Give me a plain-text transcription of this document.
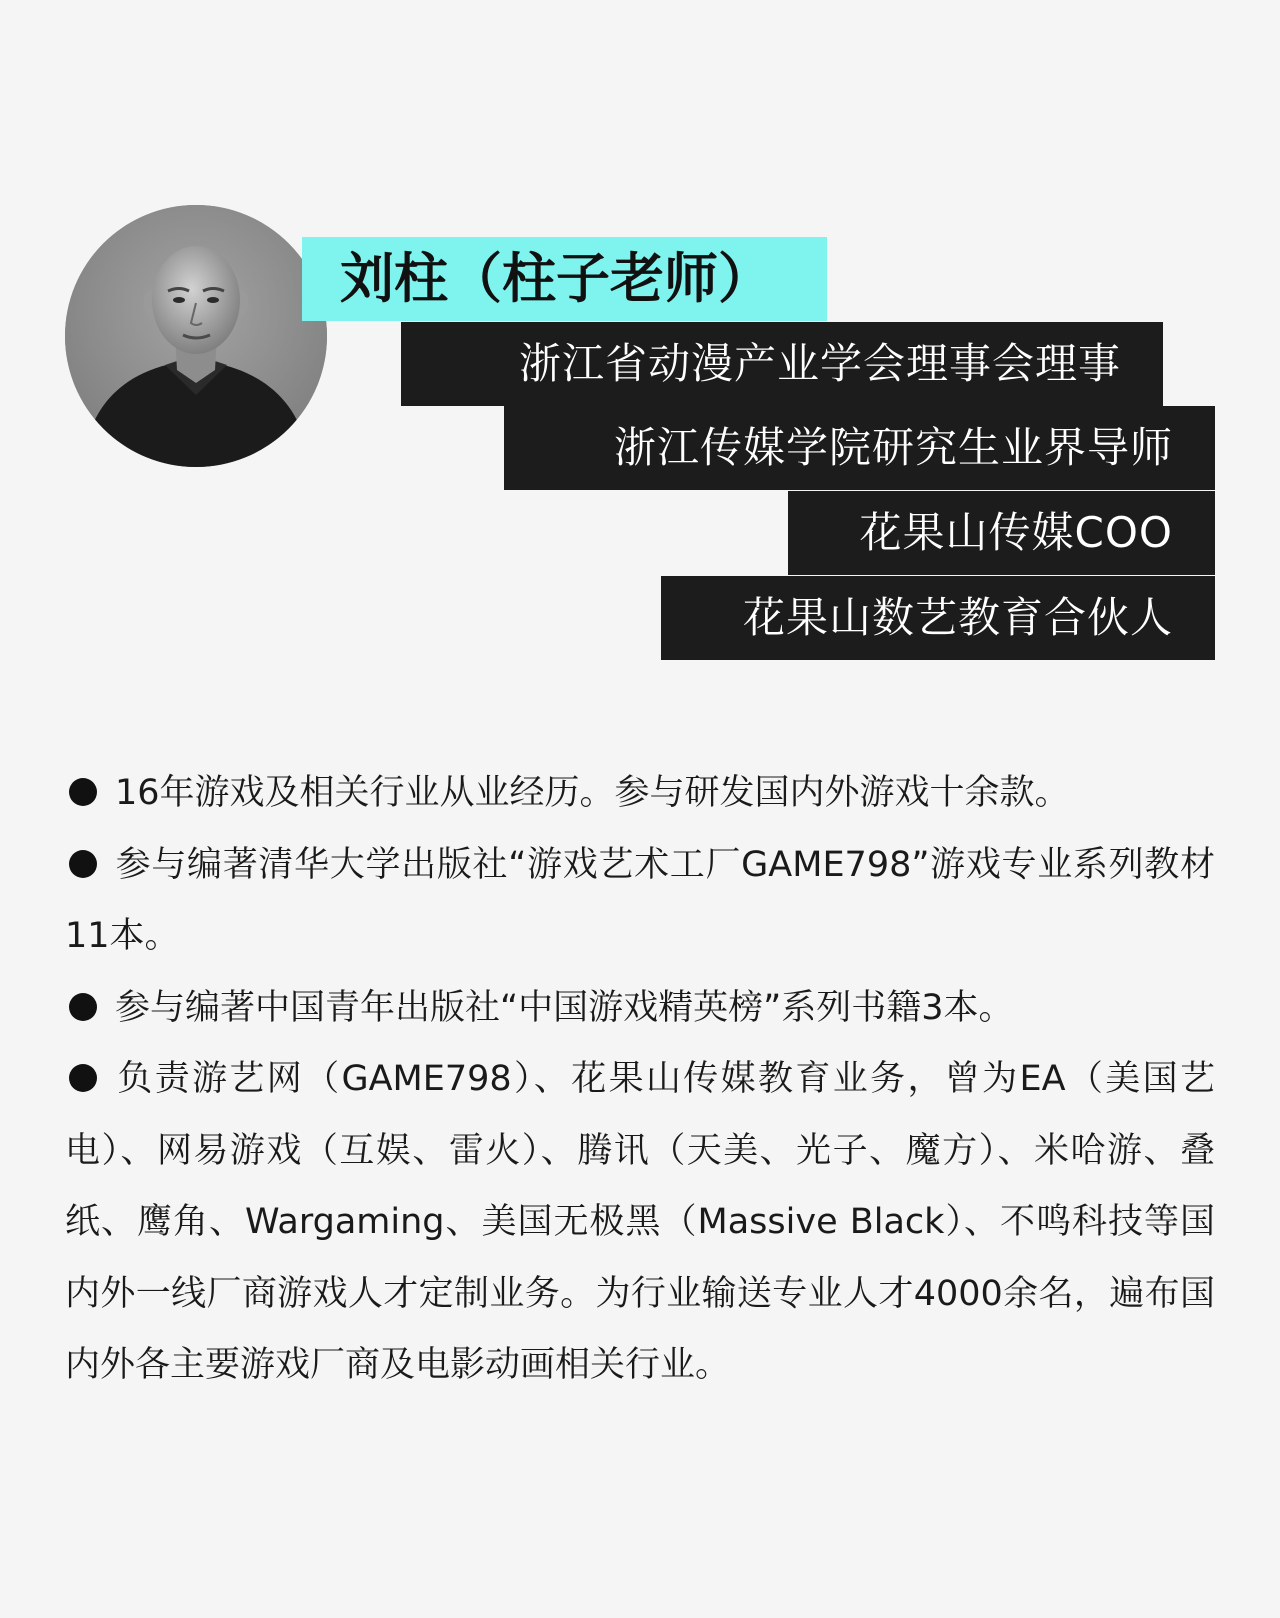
刘柱（柱子老师）
浙江省动漫产业学会理事会理事
浙江传媒学院研究生业界导师
花果山传媒COO
花果山数艺教育合伙人
16年游戏及相关行业从业经历。参与研发国内外游戏十余款。
参与编著清华大学出版社“游戏艺术工厂GAME798”游戏专业系列教材11本。
参与编著中国青年出版社“中国游戏精英榜”系列书籍3本。
负责游艺网（GAME798）、花果山传媒教育业务，曾为EA（美国艺电）、网易游戏（互娱、雷火）、腾讯（天美、光子、魔方）、米哈游、叠纸、鹰角、Wargaming、美国无极黑（Massive Black）、不鸣科技等国内外一线厂商游戏人才定制业务。为行业输送专业人才4000余名，遍布国内外各主要游戏厂商及电影动画相关行业。
